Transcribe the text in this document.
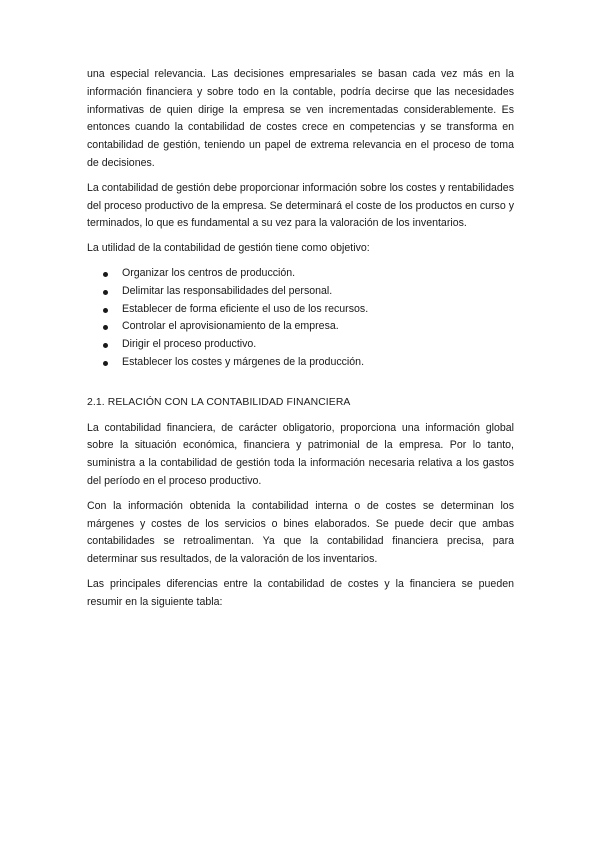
una especial relevancia. Las decisiones empresariales se basan cada vez más en la información financiera y sobre todo en la contable, podría decirse que las necesidades informativas de quien dirige la empresa se ven incrementadas considerablemente. Es entonces cuando la contabilidad de costes crece en competencias y se transforma en contabilidad de gestión, teniendo un papel de extrema relevancia en el proceso de toma de decisiones.

La contabilidad de gestión debe proporcionar información sobre los costes y rentabilidades del proceso productivo de la empresa. Se determinará el coste de los productos en curso y terminados, lo que es fundamental a su vez para la valoración de los inventarios.

La utilidad de la contabilidad de gestión tiene como objetivo:

Organizar los centros de producción.
Delimitar las responsabilidades del personal.
Establecer de forma eficiente el uso de los recursos.
Controlar el aprovisionamiento de la empresa.
Dirigir el proceso productivo.
Establecer los costes y márgenes de la producción.
2.1. RELACIÓN CON LA CONTABILIDAD FINANCIERA

La contabilidad financiera, de carácter obligatorio, proporciona una información global sobre la situación económica, financiera y patrimonial de la empresa. Por lo tanto, suministra a la contabilidad de gestión toda la información necesaria relativa a los gastos del período en el proceso productivo.

Con la información obtenida la contabilidad interna o de costes se determinan los márgenes y costes de los servicios o bines elaborados. Se puede decir que ambas contabilidades se retroalimentan. Ya que la contabilidad financiera precisa, para determinar sus resultados, de la valoración de los inventarios.

Las principales diferencias entre la contabilidad de costes y la financiera se pueden resumir en la siguiente tabla:
